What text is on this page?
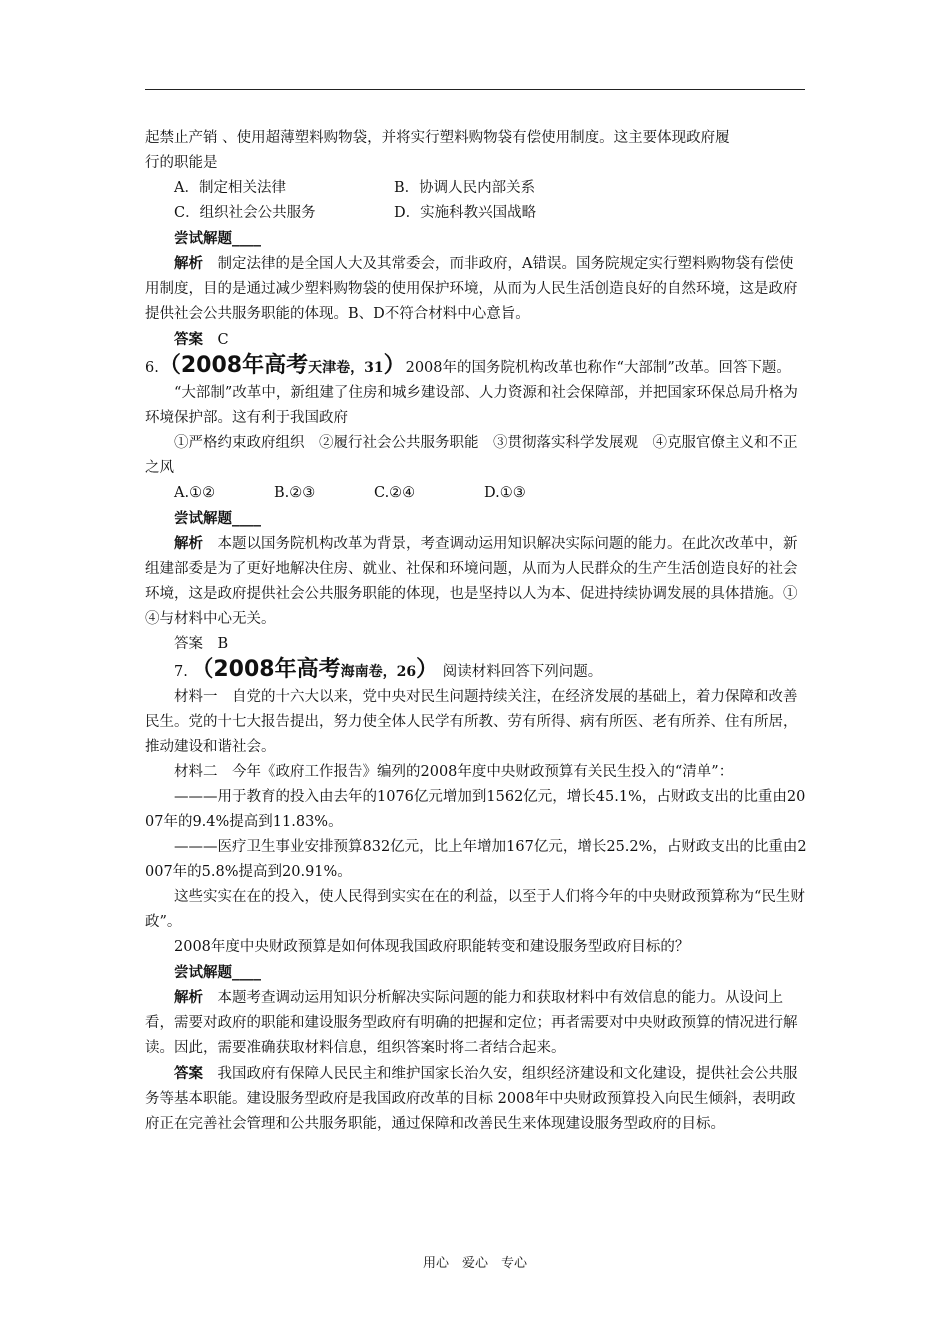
起禁止产销 、使用超薄塑料购物袋，并将实行塑料购物袋有偿使用制度。这主要体现政府履

行的职能是

A．制定相关法律	B．协调人民内部关系
C．组织社会公共服务	D．实施科教兴国战略

尝试解题____

解析　 制定法律的是全国人大及其常委会，而非政府，A错误。国务院规定实行塑料购物袋有偿使用制度，目的是通过减少塑料购物袋的使用保护环境，从而为人民生活创造良好的自然环境，这是政府提供社会公共服务职能的体现。B、D不符合材料中心意旨。

答案　 C

6.（2008年高考天津卷，31）2008年的国务院机构改革也称作“大部制”改革。回答下题。

“大部制”改革中，新组建了住房和城乡建设部、人力资源和社会保障部，并把国家环保总局升格为环境保护部。这有利于我国政府

①严格约束政府组织　②履行社会公共服务职能　③贯彻落实科学发展观　④克服官僚主义和不正之风

A.①②	B.②③	C.②④	D.①③

尝试解题____

解析　 本题以国务院机构改革为背景，考查调动运用知识解决实际问题的能力。在此次改革中，新组建部委是为了更好地解决住房、就业、社保和环境问题，从而为人民群众的生产生活创造良好的社会环境，这是政府提供社会公共服务职能的体现，也是坚持以人为本、促进持续协调发展的具体措施。①④与材料中心无关。

答案　 B

7.　 （2008年高考海南卷，26） 阅读材料回答下列问题。

材料一　自党的十六大以来，党中央对民生问题持续关注，在经济发展的基础上，着力保障和改善民生。党的十七大报告提出，努力使全体人民学有所教、劳有所得、病有所医、老有所养、住有所居，推动建设和谐社会。

材料二　今年《政府工作报告》编列的2008年度中央财政预算有关民生投入的“清单”：

———用于教育的投入由去年的1076亿元增加到1562亿元，增长45.1%，占财政支出的比重由2007年的9.4%提高到11.83%。

———医疗卫生事业安排预算832亿元，比上年增加167亿元，增长25.2%，占财政支出的比重由2007年的5.8%提高到20.91%。

这些实实在在的投入，使人民得到实实在在的利益，以至于人们将今年的中央财政预算称为“民生财政”。

2008年度中央财政预算是如何体现我国政府职能转变和建设服务型政府目标的？

尝试解题____

解析　 本题考查调动运用知识分析解决实际问题的能力和获取材料中有效信息的能力。从设问上看，需要对政府的职能和建设服务型政府有明确的把握和定位；再者需要对中央财政预算的情况进行解读。因此，需要准确获取材料信息，组织答案时将二者结合起来。

答案　 我国政府有保障人民民主和维护国家长治久安，组织经济建设和文化建设，提供社会公共服务等基本职能。建设服务型政府是我国政府改革的目标 2008年中央财政预算投入向民生倾斜，表明政府正在完善社会管理和公共服务职能，通过保障和改善民生来体现建设服务型政府的目标。

用心　爱心　专心
